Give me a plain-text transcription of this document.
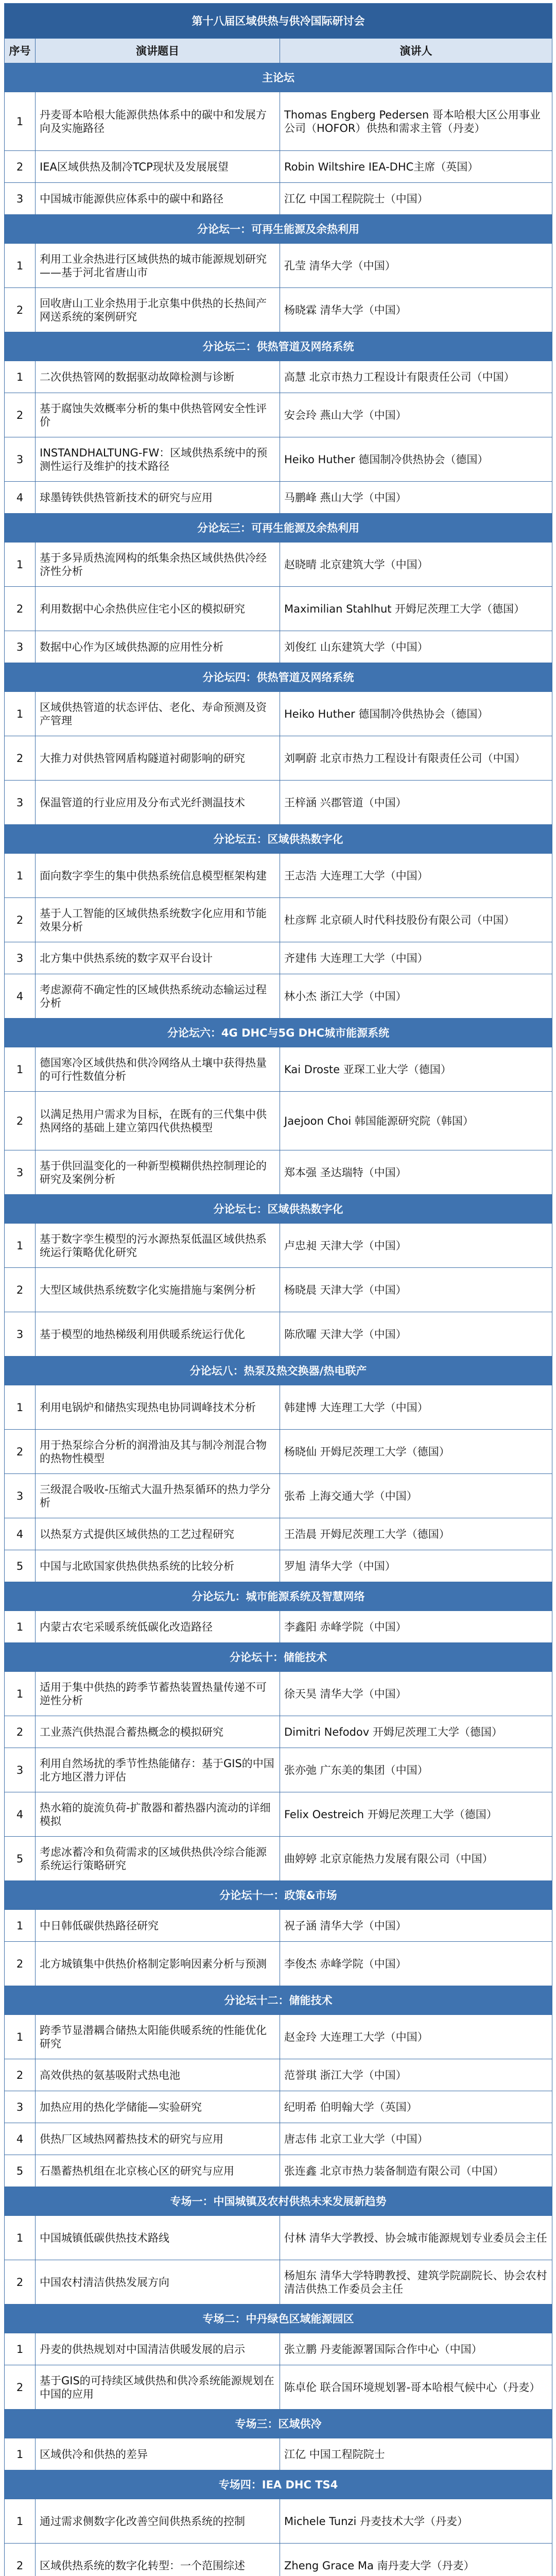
第十八届区域供热与供冷国际研讨会		
序号	演讲题目	演讲人
主论坛		
1	丹麦哥本哈根大能源供热体系中的碳中和发展方向及实施路径	Thomas Engberg Pedersen 哥本哈根大区公用事业公司（HOFOR）供热和需求主管（丹麦）
2	IEA区域供热及制冷TCP现状及发展展望	Robin Wiltshire IEA-DHC主席（英国）
3	中国城市能源供应体系中的碳中和路径	江亿 中国工程院院士（中国）
分论坛一：可再生能源及余热利用		
1	利用工业余热进行区域供热的城市能源规划研究——基于河北省唐山市	孔莹 清华大学（中国）
2	回收唐山工业余热用于北京集中供热的长热间产网送系统的案例研究	杨晓霖 清华大学（中国）
分论坛二：供热管道及网络系统		
1	二次供热管网的数据驱动故障检测与诊断	高慧 北京市热力工程设计有限责任公司（中国）
2	基于腐蚀失效概率分析的集中供热管网安全性评价	安会玲 燕山大学（中国）
3	INSTANDHALTUNG-FW：区域供热系统中的预测性运行及维护的技术路径	Heiko Huther 德国制冷供热协会（德国）
4	球墨铸铁供热管新技术的研究与应用	马鹏峰 燕山大学（中国）
分论坛三：可再生能源及余热利用		
1	基于多异质热流网构的纸集余热区域供热供冷经济性分析	赵晓晴 北京建筑大学（中国）
2	利用数据中心余热供应住宅小区的模拟研究	Maximilian Stahlhut 开姆尼茨理工大学（德国）
3	数据中心作为区域供热源的应用性分析	刘俊红 山东建筑大学（中国）
分论坛四：供热管道及网络系统		
1	区域供热管道的状态评估、老化、寿命预测及资产管理	Heiko Huther 德国制冷供热协会（德国）
2	大推力对供热管网盾构隧道衬砌影响的研究	刘啊蔚 北京市热力工程设计有限责任公司（中国）
3	保温管道的行业应用及分布式光纤测温技术	王梓涵 兴郡管道（中国）
分论坛五：区域供热数字化		
1	面向数字孪生的集中供热系统信息模型框架构建	王志浩 大连理工大学（中国）
2	基于人工智能的区域供热系统数字化应用和节能效果分析	杜彦辉 北京硕人时代科技股份有限公司（中国）
3	北方集中供热系统的数字双平台设计	齐建伟 大连理工大学（中国）
4	考虑源荷不确定性的区域供热系统动态输运过程分析	林小杰 浙江大学（中国）
分论坛六：4G DHC与5G DHC城市能源系统		
1	德国寒冷区域供热和供冷网络从土壤中获得热量的可行性数值分析	Kai Droste 亚琛工业大学（德国）
2	以满足热用户需求为目标，在既有的三代集中供热网络的基础上建立第四代供热模型	Jaejoon Choi 韩国能源研究院（韩国）
3	基于供回温变化的一种新型模糊供热控制理论的研究及案例分析	郑本强 圣达瑞特（中国）
分论坛七：区域供热数字化		
1	基于数字孪生模型的污水源热泵低温区域供热系统运行策略优化研究	卢忠昶 天津大学（中国）
2	大型区域供热系统数字化实施措施与案例分析	杨晓晨 天津大学（中国）
3	基于模型的地热梯级利用供暖系统运行优化	陈欣曜 天津大学（中国）
分论坛八：热泵及热交换器/热电联产		
1	利用电锅炉和储热实现热电协同调峰技术分析	韩建博 大连理工大学（中国）
2	用于热泵综合分析的润滑油及其与制冷剂混合物的热物性模型	杨晓仙 开姆尼茨理工大学（德国）
3	三级混合吸收-压缩式大温升热泵循环的热力学分析	张希 上海交通大学（中国）
4	以热泵方式提供区域供热的工艺过程研究	王浩晨 开姆尼茨理工大学（德国）
5	中国与北欧国家供热供热系统的比较分析	罗旭 清华大学（中国）
分论坛九：城市能源系统及智慧网络		
1	内蒙古农宅采暖系统低碳化改造路径	李鑫阳 赤峰学院（中国）
分论坛十：储能技术		
1	适用于集中供热的跨季节蓄热装置热量传递不可逆性分析	徐天昊 清华大学（中国）
2	工业蒸汽供热混合蓄热概念的模拟研究	Dimitri Nefodov 开姆尼茨理工大学（德国）
3	利用自然场扰的季节性热能储存：基于GIS的中国北方地区潜力评估	张亦弛 广东美的集团（中国）
4	热水箱的旋流负荷-扩散器和蓄热器内流动的详细模拟	Felix Oestreich 开姆尼茨理工大学（德国）
5	考虑冰蓄冷和负荷需求的区域供热供冷综合能源系统运行策略研究	曲婷婷 北京京能热力发展有限公司（中国）
分论坛十一：政策&市场		
1	中日韩低碳供热路径研究	祝子涵 清华大学（中国）
2	北方城镇集中供热价格制定影响因素分析与预测	李俊杰 赤峰学院（中国）
分论坛十二：储能技术		
1	跨季节显潜耦合储热太阳能供暖系统的性能优化研究	赵金玲 大连理工大学（中国）
2	高效供热的氨基吸附式热电池	范誉琪 浙江大学（中国）
3	加热应用的热化学储能—实验研究	纪明希 伯明翰大学（英国）
4	供热厂区域热网蓄热技术的研究与应用	唐志伟 北京工业大学（中国）
5	石墨蓄热机组在北京核心区的研究与应用	张连鑫 北京市热力装备制造有限公司（中国）
专场一：中国城镇及农村供热未来发展新趋势		
1	中国城镇低碳供热技术路线	付林 清华大学教授、协会城市能源规划专业委员会主任
2	中国农村清洁供热发展方向	杨旭东 清华大学特聘教授、建筑学院副院长、协会农村清洁供热工作委员会主任
专场二：中丹绿色区域能源园区		
1	丹麦的供热规划对中国清洁供暖发展的启示	张立鹏 丹麦能源署国际合作中心（中国）
2	基于GIS的可持续区域供热和供冷系统能源规划在中国的应用	陈卓伦 联合国环境规划署-哥本哈根气候中心（丹麦）
专场三：区域供冷		
1	区域供冷和供热的差异	江亿 中国工程院院士
专场四：IEA DHC TS4		
1	通过需求侧数字化改善空间供热系统的控制	Michele Tunzi 丹麦技术大学（丹麦）
2	区域供热系统的数字化转型：一个范围综述	Zheng Grace Ma 南丹麦大学（丹麦）
